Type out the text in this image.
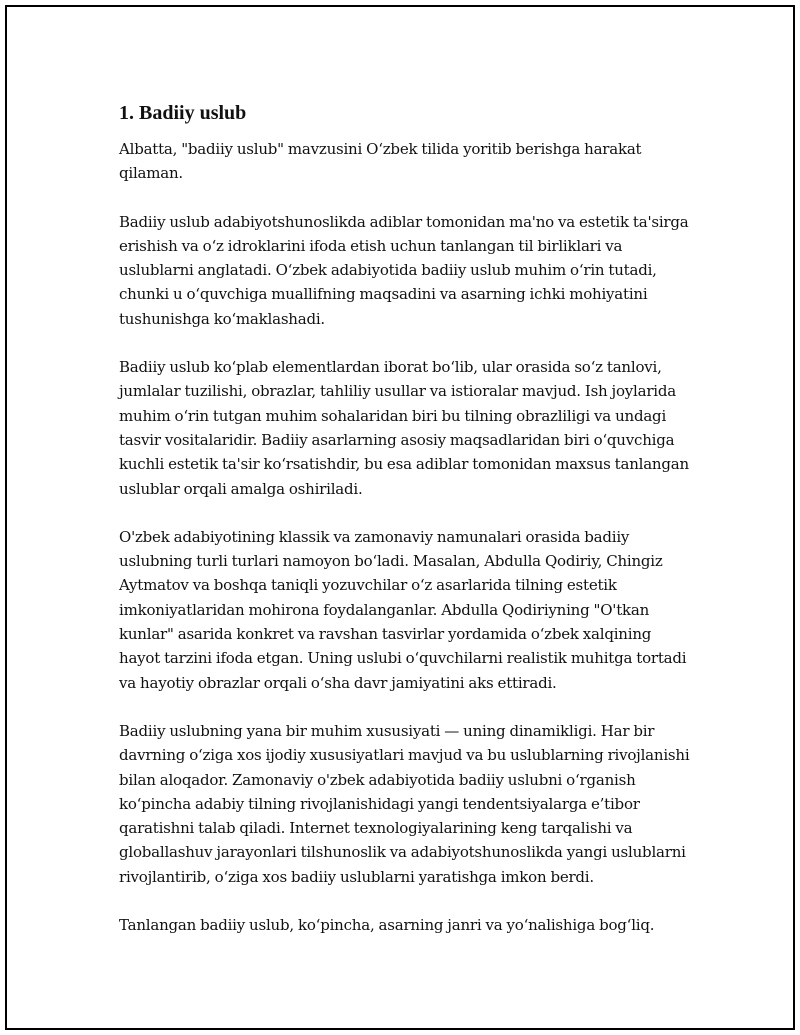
1. Badiiy uslub

Albatta, "badiiy uslub" mavzusini O‘zbek tilida yoritib berishga harakat qilaman.

Badiiy uslub adabiyotshunoslikda adiblar tomonidan ma'no va estetik ta'sirga erishish va o‘z idroklarini ifoda etish uchun tanlangan til birliklari va uslublarni anglatadi. O‘zbek adabiyotida badiiy uslub muhim o‘rin tutadi, chunki u o‘quvchiga muallifning maqsadini va asarning ichki mohiyatini tushunishga ko‘maklashadi.

Badiiy uslub ko‘plab elementlardan iborat bo‘lib, ular orasida so‘z tanlovi, jumlalar tuzilishi, obrazlar, tahliliy usullar va istioralar mavjud. Ish joylarida muhim o‘rin tutgan muhim sohalaridan biri bu tilning obrazliligi va undagi tasvir vositalaridir. Badiiy asarlarning asosiy maqsadlaridan biri o‘quvchiga kuchli estetik ta'sir ko‘rsatishdir, bu esa adiblar tomonidan maxsus tanlangan uslublar orqali amalga oshiriladi.

O'zbek adabiyotining klassik va zamonaviy namunalari orasida badiiy uslubning turli turlari namoyon bo‘ladi. Masalan, Abdulla Qodiriy, Chingiz Aytmatov va boshqa taniqli yozuvchilar o‘z asarlarida tilning estetik imkoniyatlaridan mohirona foydalanganlar. Abdulla Qodiriyning "O'tkan kunlar" asarida konkret va ravshan tasvirlar yordamida o‘zbek xalqining hayot tarzini ifoda etgan. Uning uslubi o‘quvchilarni realistik muhitga tortadi va hayotiy obrazlar orqali o‘sha davr jamiyatini aks ettiradi.

Badiiy uslubning yana bir muhim xususiyati — uning dinamikligi. Har bir davrning o‘ziga xos ijodiy xususiyatlari mavjud va bu uslublarning rivojlanishi bilan aloqador. Zamonaviy o'zbek adabiyotida badiiy uslubni o‘rganish ko‘pincha adabiy tilning rivojlanishidagi yangi tendentsiyalarga e’tibor qaratishni talab qiladi. Internet texnologiyalarining keng tarqalishi va globallashuv jarayonlari tilshunoslik va adabiyotshunoslikda yangi uslublarni rivojlantirib, o‘ziga xos badiiy uslublarni yaratishga imkon berdi.

Tanlangan badiiy uslub, ko‘pincha, asarning janri va yo‘nalishiga bog‘liq.
